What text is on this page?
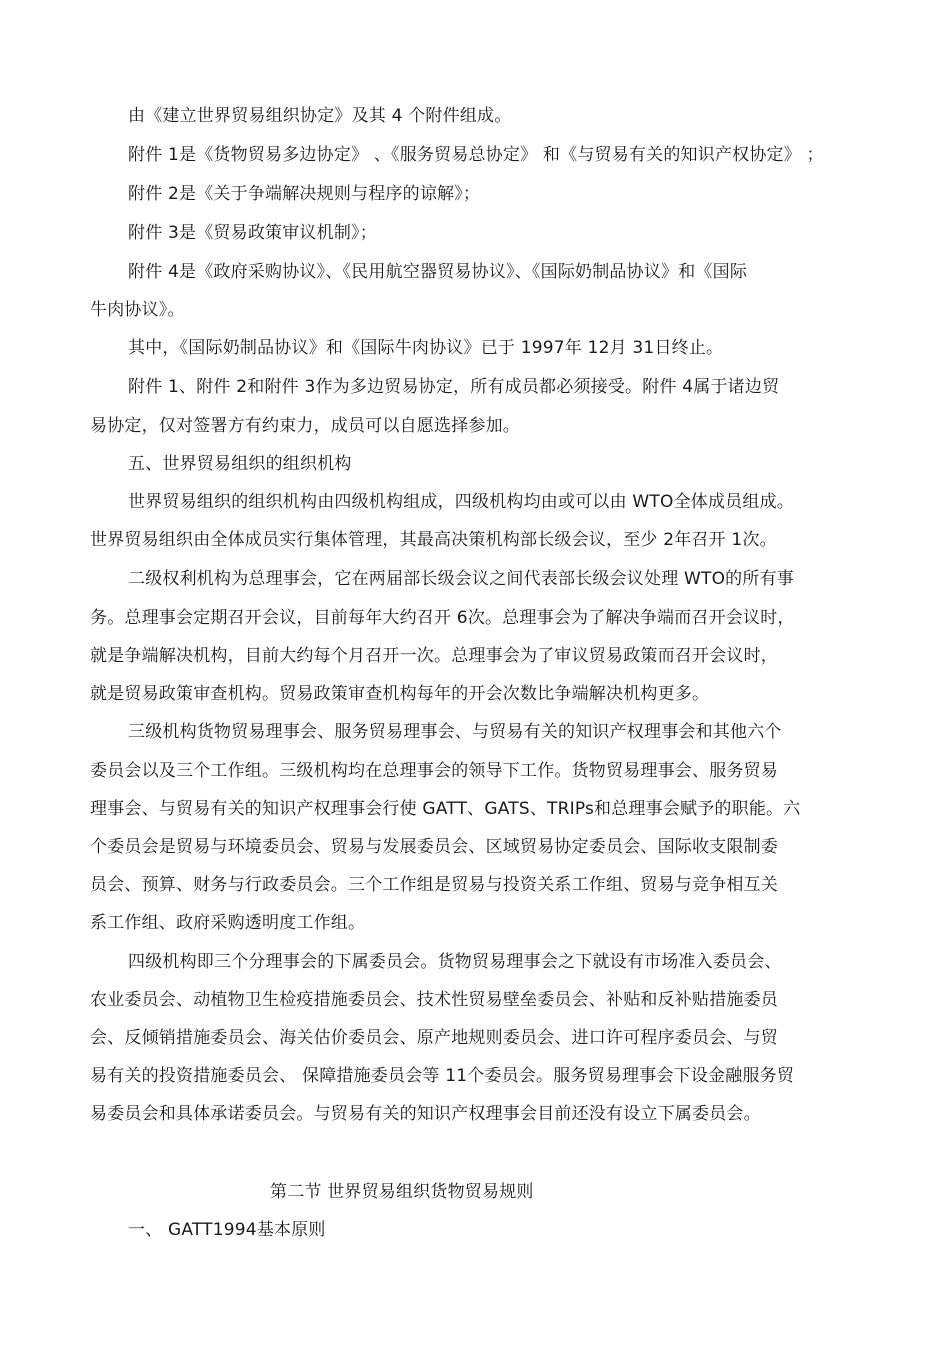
由《建立世界贸易组织协定》及其 4 个附件组成。
附件 1是《货物贸易多边协定》 、《服务贸易总协定》 和《与贸易有关的知识产权协定》 ；
附件 2是《关于争端解决规则与程序的谅解》；
附件 3是《贸易政策审议机制》；
附件 4是《政府采购协议》、《民用航空器贸易协议》、《国际奶制品协议》和《国际
牛肉协议》。
其中，《国际奶制品协议》和《国际牛肉协议》已于 1997年 12月 31日终止。
附件 1、附件 2和附件 3作为多边贸易协定，所有成员都必须接受。附件 4属于诸边贸
易协定，仅对签署方有约束力，成员可以自愿选择参加。
五、世界贸易组织的组织机构
世界贸易组织的组织机构由四级机构组成，四级机构均由或可以由 WTO全体成员组成。
世界贸易组织由全体成员实行集体管理，其最高决策机构部长级会议，至少 2年召开 1次。
二级权利机构为总理事会，它在两届部长级会议之间代表部长级会议处理 WTO的所有事
务。总理事会定期召开会议，目前每年大约召开 6次。总理事会为了解决争端而召开会议时，
就是争端解决机构，目前大约每个月召开一次。总理事会为了审议贸易政策而召开会议时，
就是贸易政策审查机构。贸易政策审查机构每年的开会次数比争端解决机构更多。
三级机构货物贸易理事会、服务贸易理事会、与贸易有关的知识产权理事会和其他六个
委员会以及三个工作组。三级机构均在总理事会的领导下工作。货物贸易理事会、服务贸易
理事会、与贸易有关的知识产权理事会行使 GATT、GATS、TRIPs和总理事会赋予的职能。六
个委员会是贸易与环境委员会、贸易与发展委员会、区域贸易协定委员会、国际收支限制委
员会、预算、财务与行政委员会。三个工作组是贸易与投资关系工作组、贸易与竞争相互关
系工作组、政府采购透明度工作组。
四级机构即三个分理事会的下属委员会。货物贸易理事会之下就设有市场准入委员会、
农业委员会、动植物卫生检疫措施委员会、技术性贸易壁垒委员会、补贴和反补贴措施委员
会、反倾销措施委员会、海关估价委员会、原产地规则委员会、进口许可程序委员会、与贸
易有关的投资措施委员会、 保障措施委员会等 11个委员会。服务贸易理事会下设金融服务贸
易委员会和具体承诺委员会。与贸易有关的知识产权理事会目前还没有设立下属委员会。
第二节 世界贸易组织货物贸易规则
一、 GATT1994基本原则
